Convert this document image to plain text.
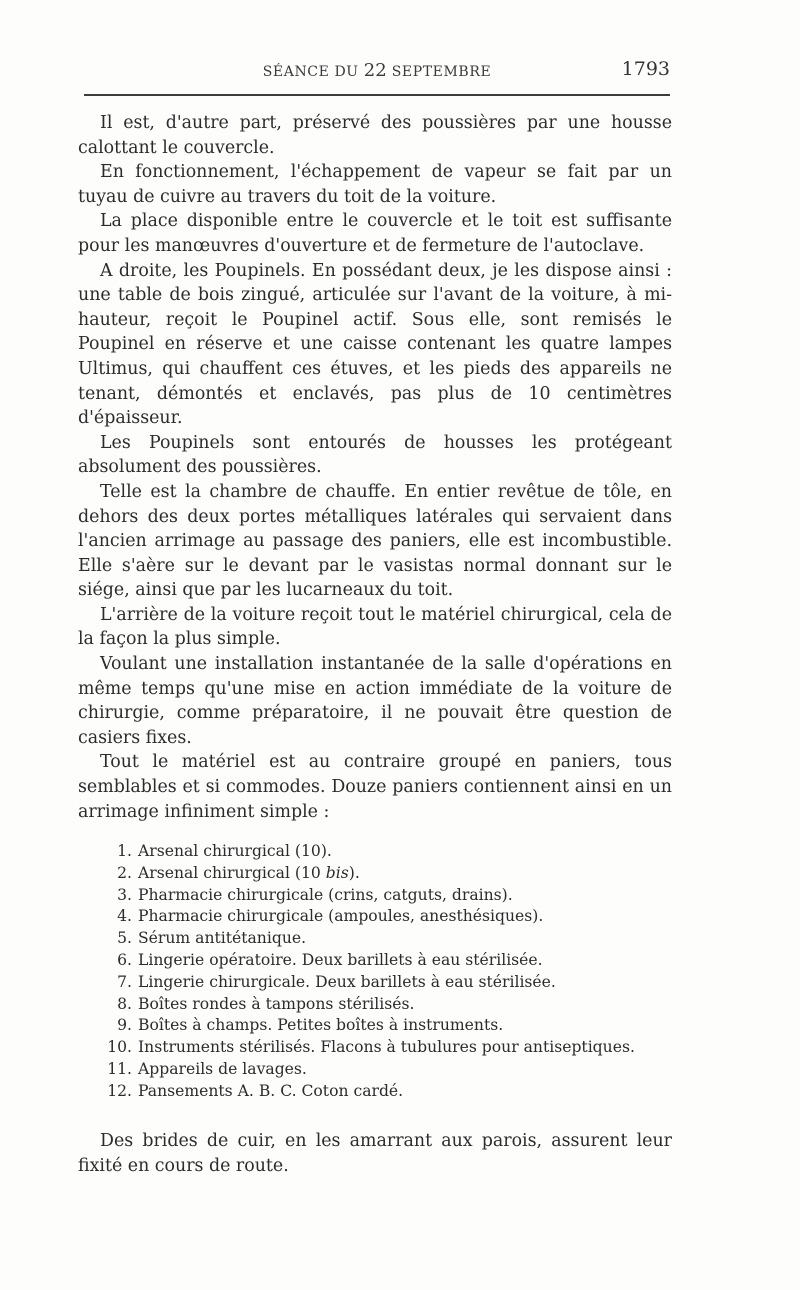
SÉANCE DU 22 SEPTEMBRE	1793

Il est, d'autre part, préservé des poussières par une housse calottant le couvercle.

En fonctionnement, l'échappement de vapeur se fait par un tuyau de cuivre au travers du toit de la voiture.

La place disponible entre le couvercle et le toit est suffisante pour les manœuvres d'ouverture et de fermeture de l'autoclave.

A droite, les Poupinels. En possédant deux, je les dispose ainsi : une table de bois zingué, articulée sur l'avant de la voiture, à mi-hauteur, reçoit le Poupinel actif. Sous elle, sont remisés le Poupinel en réserve et une caisse contenant les quatre lampes Ultimus, qui chauffent ces étuves, et les pieds des appareils ne tenant, démontés et enclavés, pas plus de 10 centimètres d'épaisseur.

Les Poupinels sont entourés de housses les protégeant absolument des poussières.

Telle est la chambre de chauffe. En entier revêtue de tôle, en dehors des deux portes métalliques latérales qui servaient dans l'ancien arrimage au passage des paniers, elle est incombustible. Elle s'aère sur le devant par le vasistas normal donnant sur le siége, ainsi que par les lucarneaux du toit.

L'arrière de la voiture reçoit tout le matériel chirurgical, cela de la façon la plus simple.

Voulant une installation instantanée de la salle d'opérations en même temps qu'une mise en action immédiate de la voiture de chirurgie, comme préparatoire, il ne pouvait être question de casiers fixes.

Tout le matériel est au contraire groupé en paniers, tous semblables et si commodes. Douze paniers contiennent ainsi en un arrimage infiniment simple :

1. Arsenal chirurgical (10).
2. Arsenal chirurgical (10 bis).
3. Pharmacie chirurgicale (crins, catguts, drains).
4. Pharmacie chirurgicale (ampoules, anesthésiques).
5. Sérum antitétanique.
6. Lingerie opératoire. Deux barillets à eau stérilisée.
7. Lingerie chirurgicale. Deux barillets à eau stérilisée.
8. Boîtes rondes à tampons stérilisés.
9. Boîtes à champs. Petites boîtes à instruments.
10. Instruments stérilisés. Flacons à tubulures pour antiseptiques.
11. Appareils de lavages.
12. Pansements A. B. C. Coton cardé.

Des brides de cuir, en les amarrant aux parois, assurent leur fixité en cours de route.
